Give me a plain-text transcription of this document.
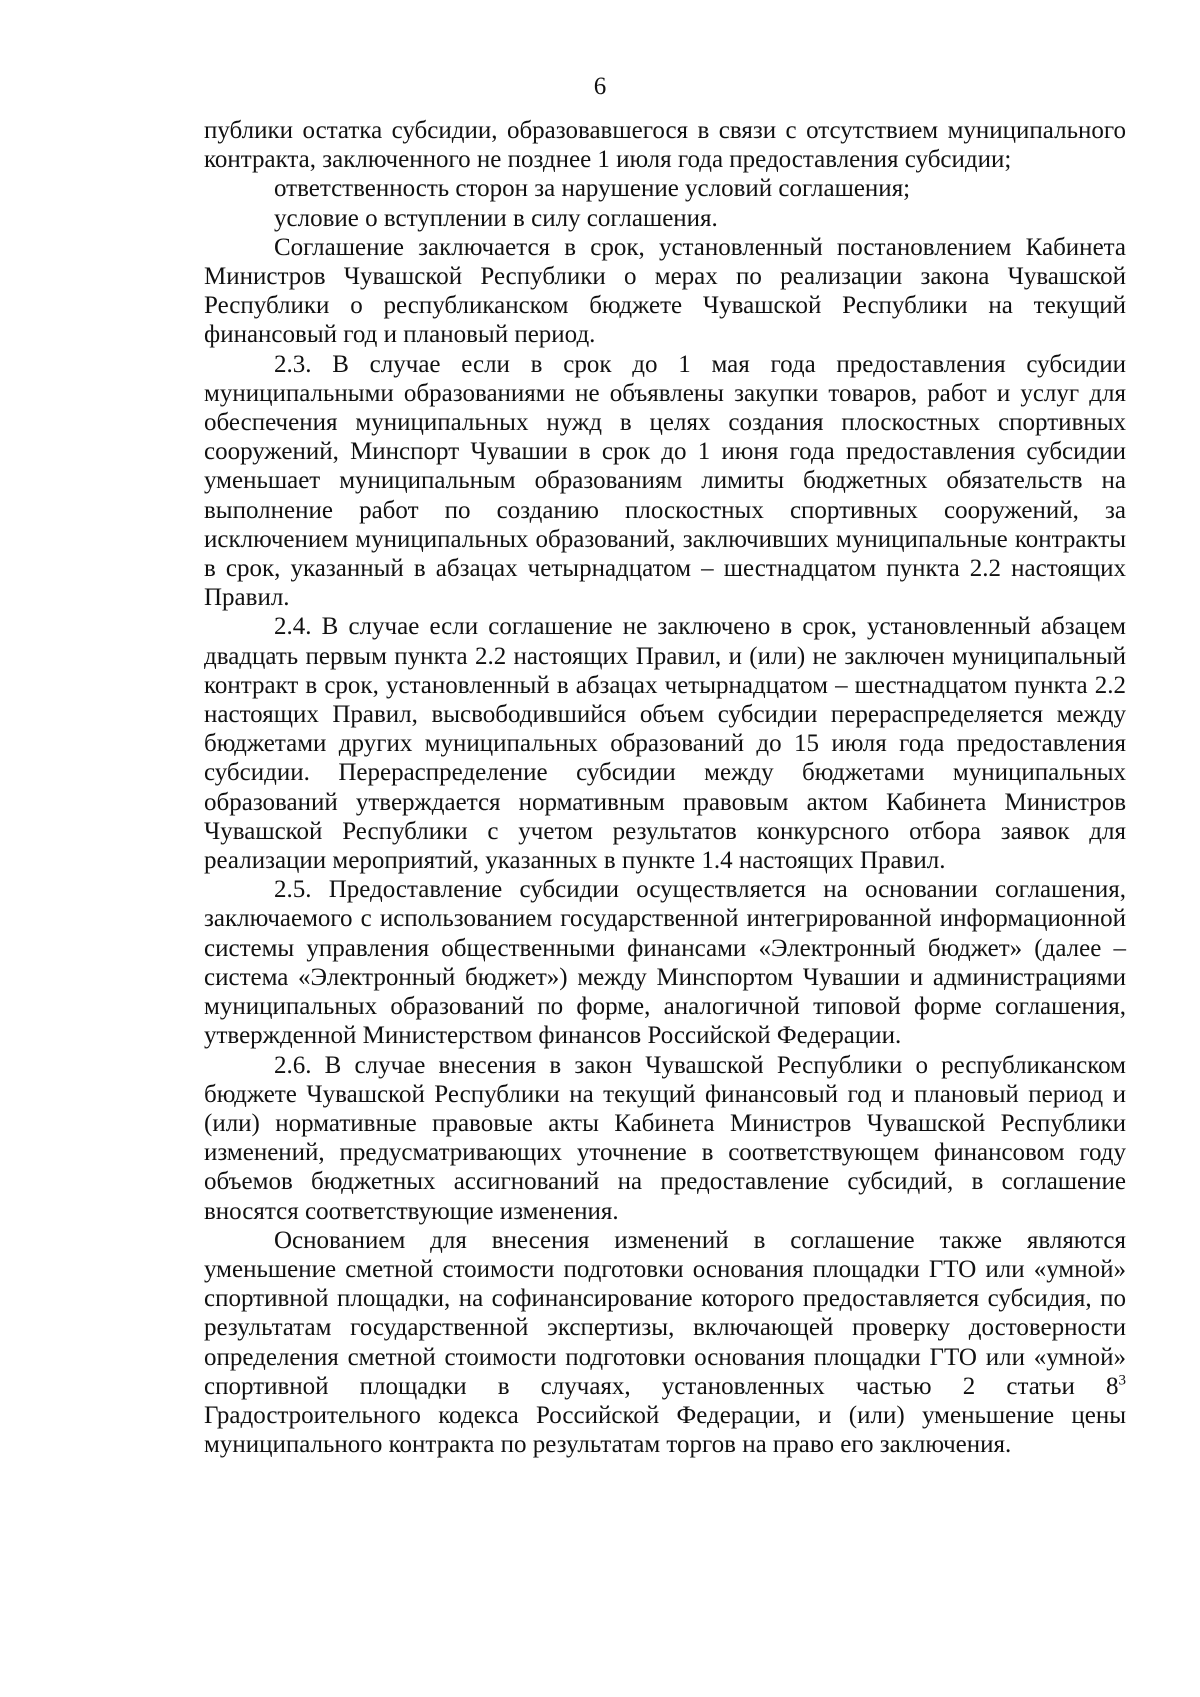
6

публики остатка субсидии, образовавшегося в связи с отсутствием муниципального контракта, заключенного не позднее 1 июля года предоставления субсидии;

ответственность сторон за нарушение условий соглашения;

условие о вступлении в силу соглашения.

Соглашение заключается в срок, установленный постановлением Кабинета Министров Чувашской Республики о мерах по реализации закона Чувашской Республики о республиканском бюджете Чувашской Республики на текущий финансовый год и плановый период.

2.3. В случае если в срок до 1 мая года предоставления субсидии муниципальными образованиями не объявлены закупки товаров, работ и услуг для обеспечения муниципальных нужд в целях создания плоскостных спортивных сооружений, Минспорт Чувашии в срок до 1 июня года предоставления субсидии уменьшает муниципальным образованиям лимиты бюджетных обязательств на выполнение работ по созданию плоскостных спортивных сооружений, за исключением муниципальных образований, заключивших муниципальные контракты в срок, указанный в абзацах четырнадцатом – шестнадцатом пункта 2.2 настоящих Правил.

2.4. В случае если соглашение не заключено в срок, установленный абзацем двадцать первым пункта 2.2 настоящих Правил, и (или) не заключен муниципальный контракт в срок, установленный в абзацах четырнадцатом – шестнадцатом пункта 2.2 настоящих Правил, высвободившийся объем субсидии перераспределяется между бюджетами других муниципальных образований до 15 июля года предоставления субсидии. Перераспределение субсидии между бюджетами муниципальных образований утверждается нормативным правовым актом Кабинета Министров Чувашской Республики с учетом результатов конкурсного отбора заявок для реализации мероприятий, указанных в пункте 1.4 настоящих Правил.

2.5. Предоставление субсидии осуществляется на основании соглашения, заключаемого с использованием государственной интегрированной информационной системы управления общественными финансами «Электронный бюджет» (далее – система «Электронный бюджет») между Минспортом Чувашии и администрациями муниципальных образований по форме, аналогичной типовой форме соглашения, утвержденной Министерством финансов Российской Федерации.

2.6. В случае внесения в закон Чувашской Республики о республиканском бюджете Чувашской Республики на текущий финансовый год и плановый период и (или) нормативные правовые акты Кабинета Министров Чувашской Республики изменений, предусматривающих уточнение в соответствующем финансовом году объемов бюджетных ассигнований на предоставление субсидий, в соглашение вносятся соответствующие изменения.

Основанием для внесения изменений в соглашение также являются уменьшение сметной стоимости подготовки основания площадки ГТО или «умной» спортивной площадки, на софинансирование которого предоставляется субсидия, по результатам государственной экспертизы, включающей проверку достоверности определения сметной стоимости подготовки основания площадки ГТО или «умной» спортивной площадки в случаях, установленных частью 2 статьи $8^3$ Градостроительного кодекса Российской Федерации, и (или) уменьшение цены муниципального контракта по результатам торгов на право его заключения.
